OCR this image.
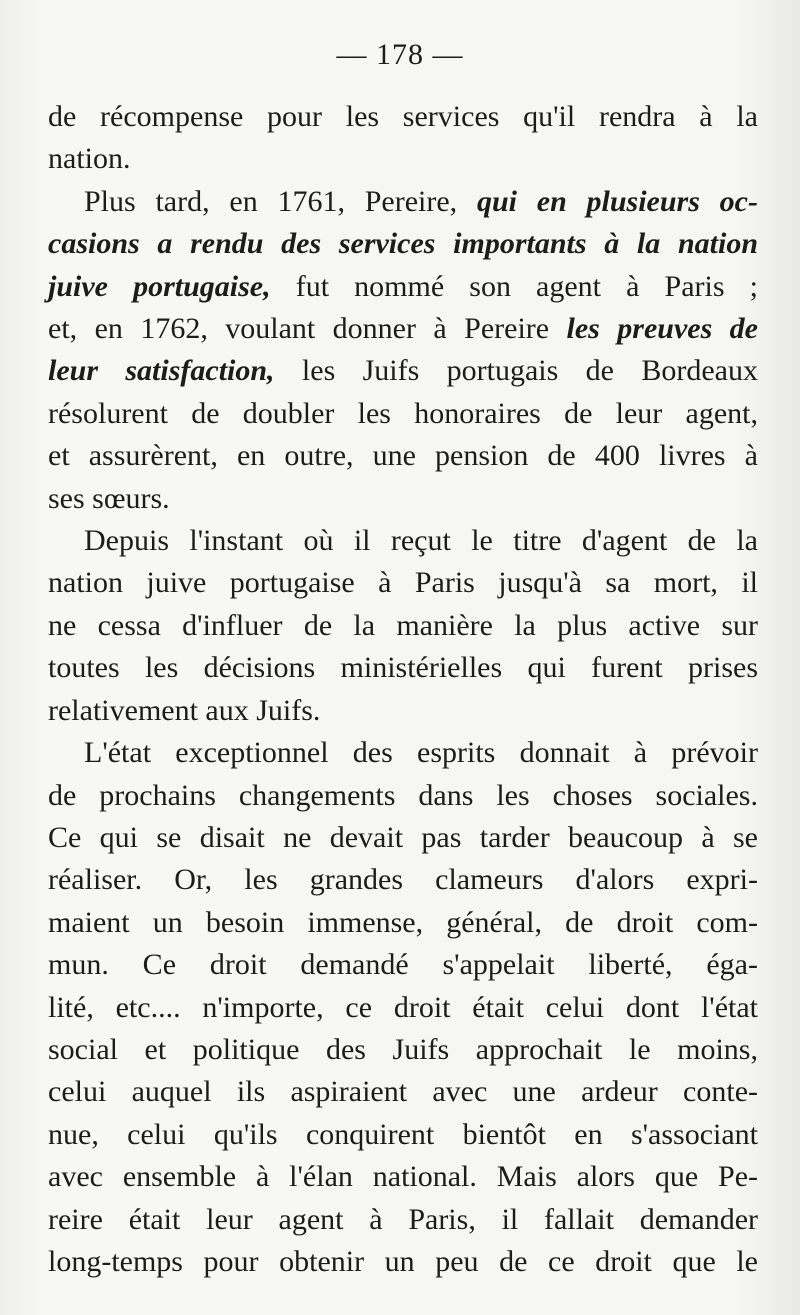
— 178 —
de récompense pour les services qu'il rendra à la
nation.
Plus tard, en 1761, Pereire, qui en plusieurs oc-
casions a rendu des services importants à la nation
juive portugaise, fut nommé son agent à Paris ;
et, en 1762, voulant donner à Pereire les preuves de
leur satisfaction, les Juifs portugais de Bordeaux
résolurent de doubler les honoraires de leur agent,
et assurèrent, en outre, une pension de 400 livres à
ses sœurs.
Depuis l'instant où il reçut le titre d'agent de la
nation juive portugaise à Paris jusqu'à sa mort, il
ne cessa d'influer de la manière la plus active sur
toutes les décisions ministérielles qui furent prises
relativement aux Juifs.
L'état exceptionnel des esprits donnait à prévoir
de prochains changements dans les choses sociales.
Ce qui se disait ne devait pas tarder beaucoup à se
réaliser. Or, les grandes clameurs d'alors expri-
maient un besoin immense, général, de droit com-
mun. Ce droit demandé s'appelait liberté, éga-
lité, etc.... n'importe, ce droit était celui dont l'état
social et politique des Juifs approchait le moins,
celui auquel ils aspiraient avec une ardeur conte-
nue, celui qu'ils conquirent bientôt en s'associant
avec ensemble à l'élan national. Mais alors que Pe-
reire était leur agent à Paris, il fallait demander
long-temps pour obtenir un peu de ce droit que le
